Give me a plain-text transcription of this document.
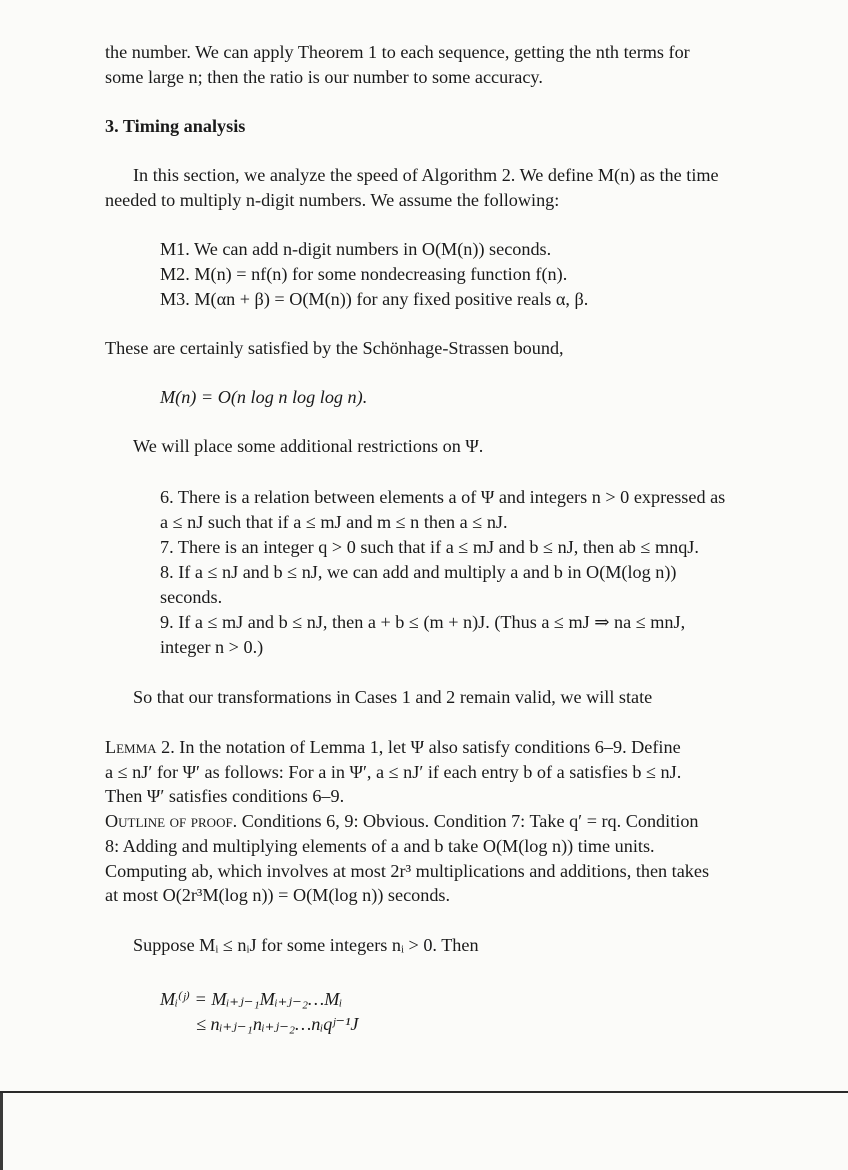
the number. We can apply Theorem 1 to each sequence, getting the nth terms for
some large n; then the ratio is our number to some accuracy.
3. Timing analysis
In this section, we analyze the speed of Algorithm 2. We define M(n) as the time
needed to multiply n-digit numbers. We assume the following:
M1. We can add n-digit numbers in O(M(n)) seconds.
M2. M(n) = nf(n) for some nondecreasing function f(n).
M3. M(αn + β) = O(M(n)) for any fixed positive reals α, β.
These are certainly satisfied by the Schönhage-Strassen bound,
M(n) = O(n log n log log n).
We will place some additional restrictions on Ψ.
6. There is a relation between elements a of Ψ and integers n > 0 expressed as
a ≤ nJ such that if a ≤ mJ and m ≤ n then a ≤ nJ.
7. There is an integer q > 0 such that if a ≤ mJ and b ≤ nJ, then ab ≤ mnqJ.
8. If a ≤ nJ and b ≤ nJ, we can add and multiply a and b in O(M(log n))
seconds.
9. If a ≤ mJ and b ≤ nJ, then a + b ≤ (m + n)J. (Thus a ≤ mJ ⇒ na ≤ mnJ,
integer n > 0.)
So that our transformations in Cases 1 and 2 remain valid, we will state
Lemma 2. In the notation of Lemma 1, let Ψ also satisfy conditions 6–9. Define
a ≤ nJ′ for Ψ′ as follows: For a in Ψ′, a ≤ nJ′ if each entry b of a satisfies b ≤ nJ.
Then Ψ′ satisfies conditions 6–9.
Outline of proof. Conditions 6, 9: Obvious. Condition 7: Take q′ = rq. Condition
8: Adding and multiplying elements of a and b take O(M(log n)) time units.
Computing ab, which involves at most 2r³ multiplications and additions, then takes
at most O(2r³M(log n)) = O(M(log n)) seconds.
Suppose Mᵢ ≤ nᵢJ for some integers nᵢ > 0. Then
Mᵢ⁽ʲ⁾ = Mᵢ₊ⱼ₋₁Mᵢ₊ⱼ₋₂…Mᵢ
≤ nᵢ₊ⱼ₋₁nᵢ₊ⱼ₋₂…nᵢqʲ⁻¹J
